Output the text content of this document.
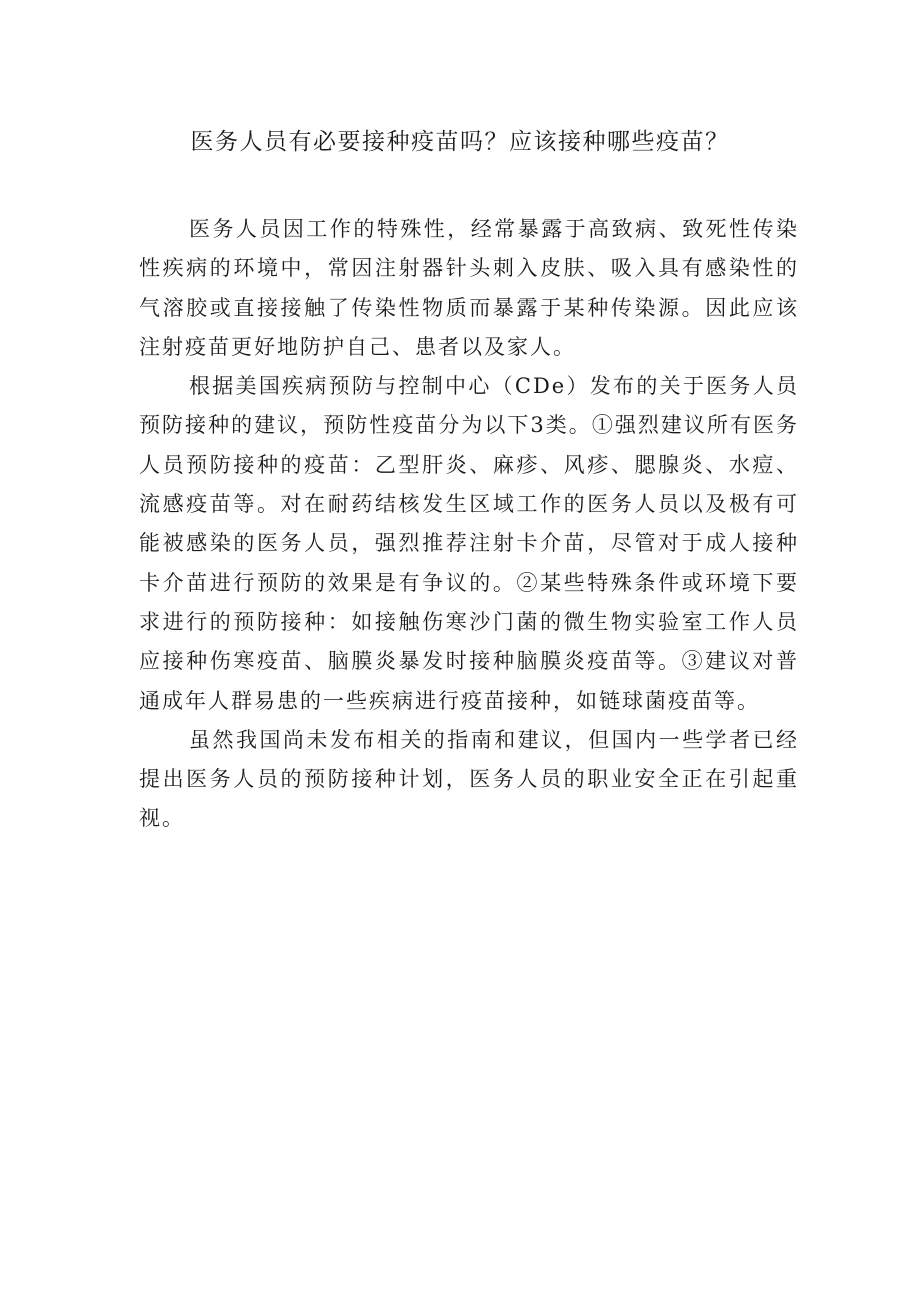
医务人员有必要接种疫苗吗？应该接种哪些疫苗？

医务人员因工作的特殊性，经常暴露于高致病、致死性传染性疾病的环境中，常因注射器针头刺入皮肤、吸入具有感染性的气溶胶或直接接触了传染性物质而暴露于某种传染源。因此应该注射疫苗更好地防护自己、患者以及家人。

根据美国疾病预防与控制中心（CDe）发布的关于医务人员预防接种的建议，预防性疫苗分为以下3类。①强烈建议所有医务人员预防接种的疫苗：乙型肝炎、麻疹、风疹、腮腺炎、水痘、流感疫苗等。对在耐药结核发生区域工作的医务人员以及极有可能被感染的医务人员，强烈推荐注射卡介苗，尽管对于成人接种卡介苗进行预防的效果是有争议的。②某些特殊条件或环境下要求进行的预防接种：如接触伤寒沙门菌的微生物实验室工作人员应接种伤寒疫苗、脑膜炎暴发时接种脑膜炎疫苗等。③建议对普通成年人群易患的一些疾病进行疫苗接种，如链球菌疫苗等。

虽然我国尚未发布相关的指南和建议，但国内一些学者已经提出医务人员的预防接种计划，医务人员的职业安全正在引起重视。
